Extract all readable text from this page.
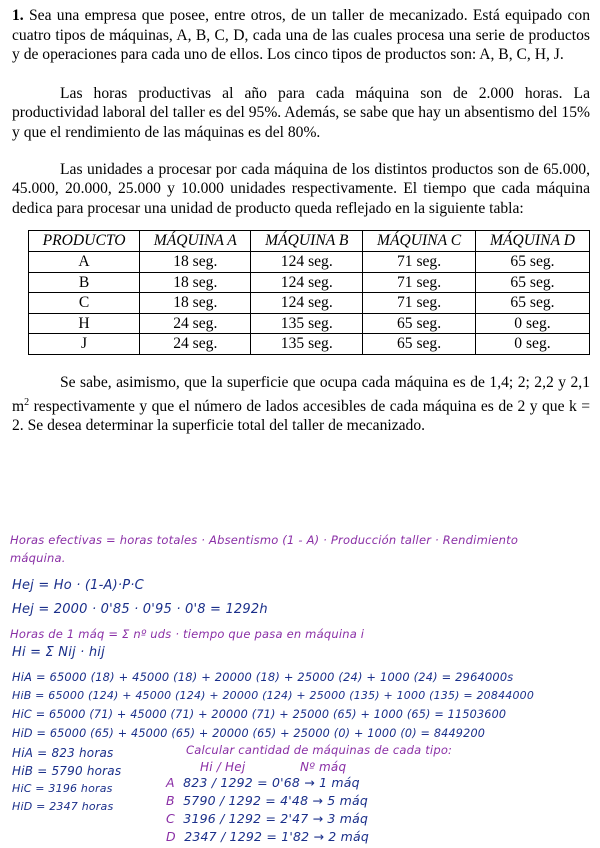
1. Sea una empresa que posee, entre otros, de un taller de mecanizado. Está equipado con cuatro tipos de máquinas, A, B, C, D, cada una de las cuales procesa una serie de productos y de operaciones para cada uno de ellos. Los cinco tipos de productos son: A, B, C, H, J.

Las horas productivas al año para cada máquina son de 2.000 horas. La productividad laboral del taller es del 95%. Además, se sabe que hay un absentismo del 15% y que el rendimiento de las máquinas es del 80%.

Las unidades a procesar por cada máquina de los distintos productos son de 65.000, 45.000, 20.000, 25.000 y 10.000 unidades respectivamente. El tiempo que cada máquina dedica para procesar una unidad de producto queda reflejado en la siguiente tabla:

PRODUCTO	MÁQUINA A	MÁQUINA B	MÁQUINA C	MÁQUINA D
A	18 seg.	124 seg.	71 seg.	65 seg.
B	18 seg.	124 seg.	71 seg.	65 seg.
C	18 seg.	124 seg.	71 seg.	65 seg.
H	24 seg.	135 seg.	65 seg.	0 seg.
J	24 seg.	135 seg.	65 seg.	0 seg.

Se sabe, asimismo, que la superficie que ocupa cada máquina es de 1,4; 2; 2,2 y 2,1 $m^2$ respectivamente y que el número de lados accesibles de cada máquina es de 2 y que k = 2. Se desea determinar la superficie total del taller de mecanizado.

Horas efectivas = horas totales · Absentismo (1 - A) · Producción taller · Rendimiento
máquina.
Hej = Ho · (1-A)·P·C
Hej = 2000 · 0'85 · 0'95 · 0'8 = 1292h
Horas de 1 máq = Σ nº uds · tiempo que pasa en máquina i
Hi = Σ Nij · hij
HiA = 65000 (18) + 45000 (18) + 20000 (18) + 25000 (24) + 1000 (24) = 2964000s
HiB = 65000 (124) + 45000 (124) + 20000 (124) + 25000 (135) + 1000 (135) = 20844000
HiC = 65000 (71) + 45000 (71) + 20000 (71) + 25000 (65) + 1000 (65) = 11503600
HiD = 65000 (65) + 45000 (65) + 20000 (65) + 25000 (0) + 1000 (0) = 8449200
HiA = 823 horas
HiB = 5790 horas
HiC = 3196 horas
HiD = 2347 horas
Calcular cantidad de máquinas de cada tipo:
Hi / Hej	Nº máq
A 823 / 1292 = 0'68 → 1 máq
B 5790 / 1292 = 4'48 → 5 máq
C 3196 / 1292 = 2'47 → 3 máq
D 2347 / 1292 = 1'82 → 2 máq
